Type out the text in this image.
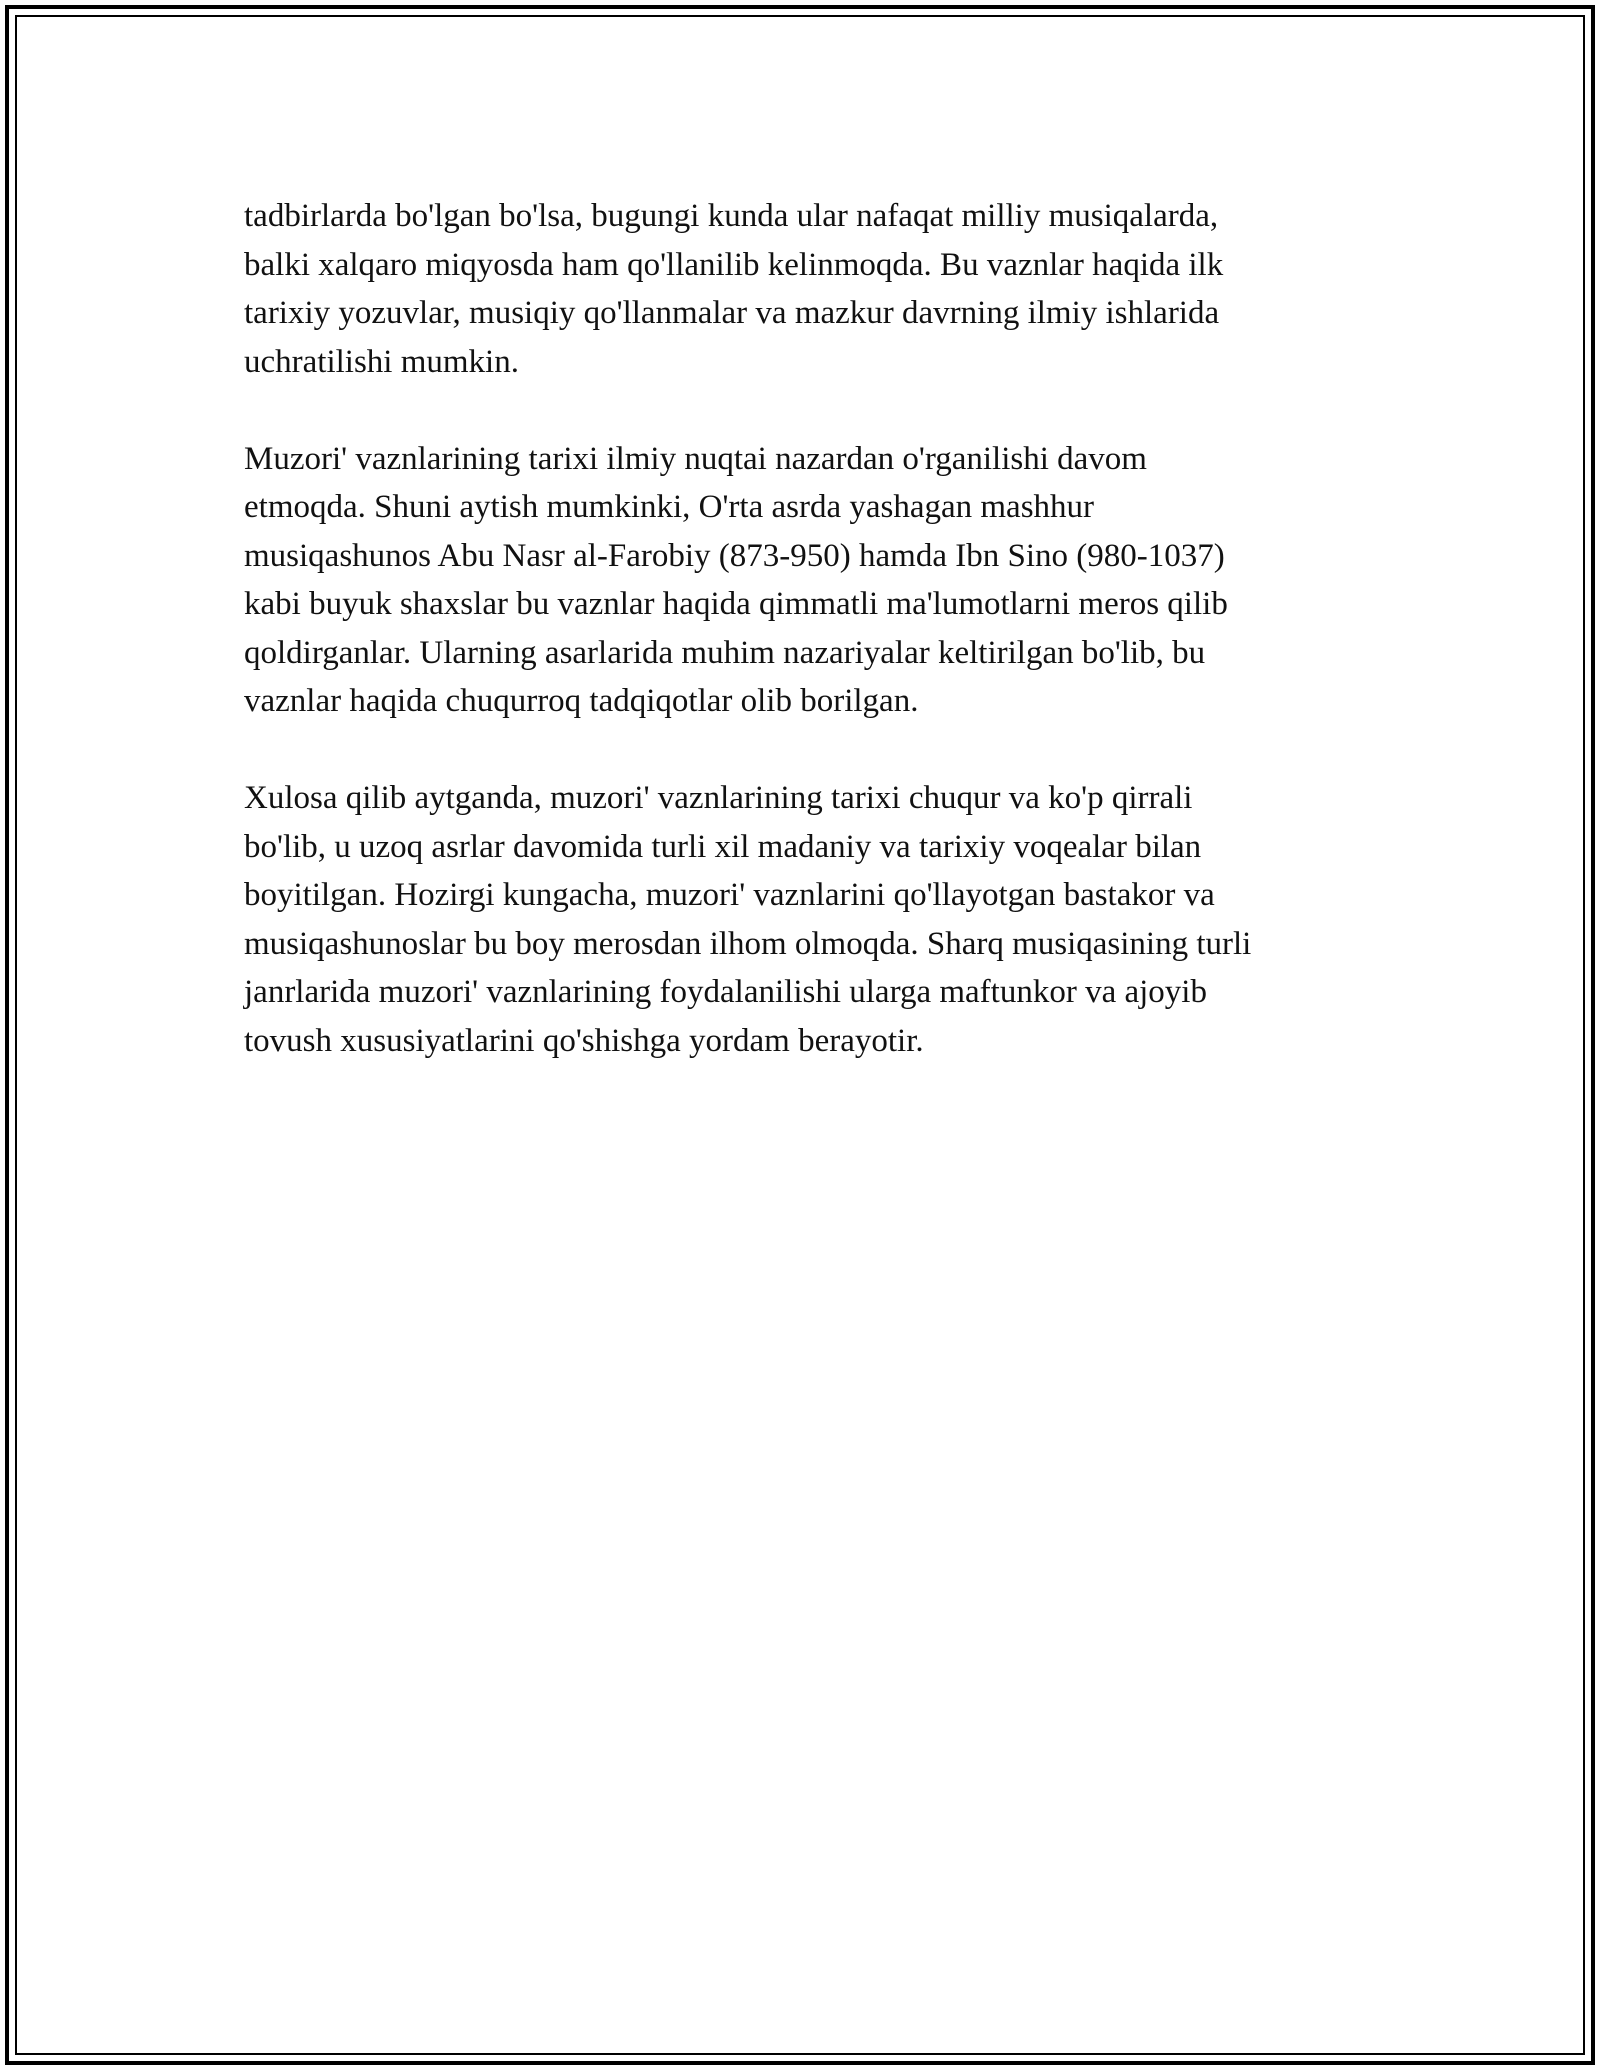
tadbirlarda bo'lgan bo'lsa, bugungi kunda ular nafaqat milliy musiqalarda,
balki xalqaro miqyosda ham qo'llanilib kelinmoqda. Bu vaznlar haqida ilk
tarixiy yozuvlar, musiqiy qo'llanmalar va mazkur davrning ilmiy ishlarida
uchratilishi mumkin.

Muzori' vaznlarining tarixi ilmiy nuqtai nazardan o'rganilishi davom
etmoqda. Shuni aytish mumkinki, O'rta asrda yashagan mashhur
musiqashunos Abu Nasr al-Farobiy (873-950) hamda Ibn Sino (980-1037)
kabi buyuk shaxslar bu vaznlar haqida qimmatli ma'lumotlarni meros qilib
qoldirganlar. Ularning asarlarida muhim nazariyalar keltirilgan bo'lib, bu
vaznlar haqida chuqurroq tadqiqotlar olib borilgan.

Xulosa qilib aytganda, muzori' vaznlarining tarixi chuqur va ko'p qirrali
bo'lib, u uzoq asrlar davomida turli xil madaniy va tarixiy voqealar bilan
boyitilgan. Hozirgi kungacha, muzori' vaznlarini qo'llayotgan bastakor va
musiqashunoslar bu boy merosdan ilhom olmoqda. Sharq musiqasining turli
janrlarida muzori' vaznlarining foydalanilishi ularga maftunkor va ajoyib
tovush xususiyatlarini qo'shishga yordam berayotir.
